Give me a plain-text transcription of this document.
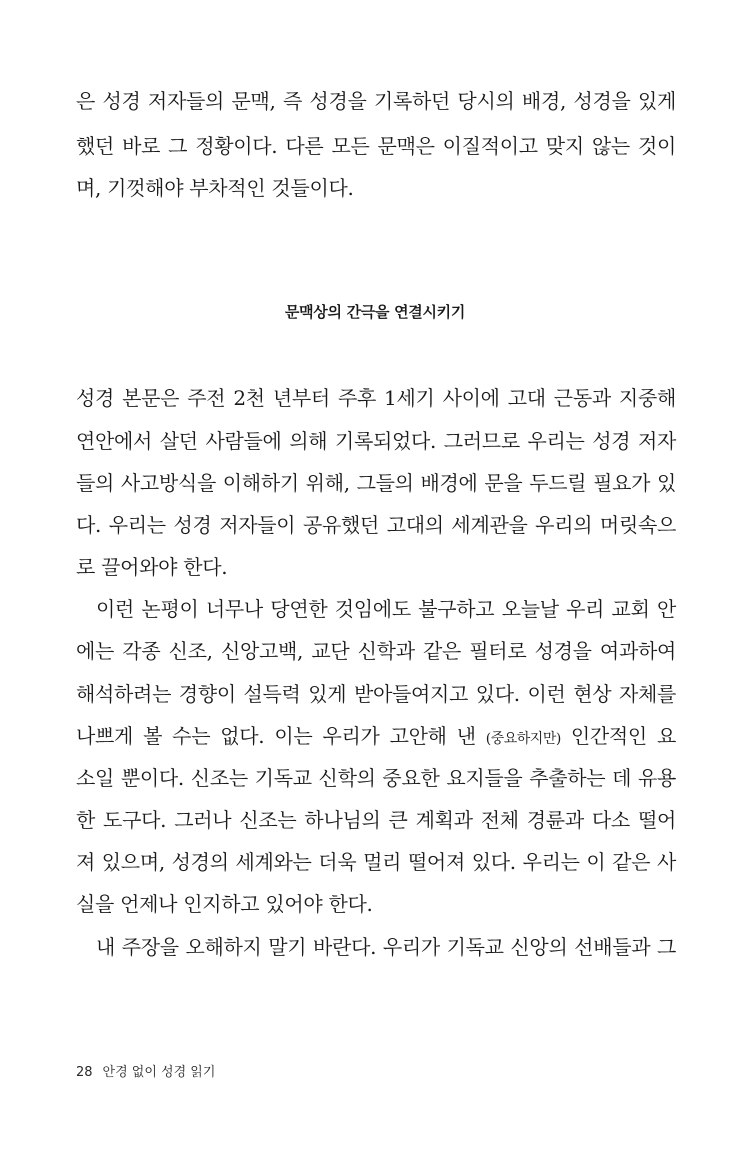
은 성경 저자들의 문맥, 즉 성경을 기록하던 당시의 배경, 성경을 있게
했던 바로 그 정황이다. 다른 모든 문맥은 이질적이고 맞지 않는 것이
며, 기껏해야 부차적인 것들이다.
문맥상의 간극을 연결시키기
성경 본문은 주전 2천 년부터 주후 1세기 사이에 고대 근동과 지중해
연안에서 살던 사람들에 의해 기록되었다. 그러므로 우리는 성경 저자
들의 사고방식을 이해하기 위해, 그들의 배경에 문을 두드릴 필요가 있
다. 우리는 성경 저자들이 공유했던 고대의 세계관을 우리의 머릿속으
로 끌어와야 한다.
이런 논평이 너무나 당연한 것임에도 불구하고 오늘날 우리 교회 안
에는 각종 신조, 신앙고백, 교단 신학과 같은 필터로 성경을 여과하여
해석하려는 경향이 설득력 있게 받아들여지고 있다. 이런 현상 자체를
나쁘게 볼 수는 없다. 이는 우리가 고안해 낸 (중요하지만) 인간적인 요
소일 뿐이다. 신조는 기독교 신학의 중요한 요지들을 추출하는 데 유용
한 도구다. 그러나 신조는 하나님의 큰 계획과 전체 경륜과 다소 떨어
져 있으며, 성경의 세계와는 더욱 멀리 떨어져 있다. 우리는 이 같은 사
실을 언제나 인지하고 있어야 한다.
내 주장을 오해하지 말기 바란다. 우리가 기독교 신앙의 선배들과 그
28 안경 없이 성경 읽기
